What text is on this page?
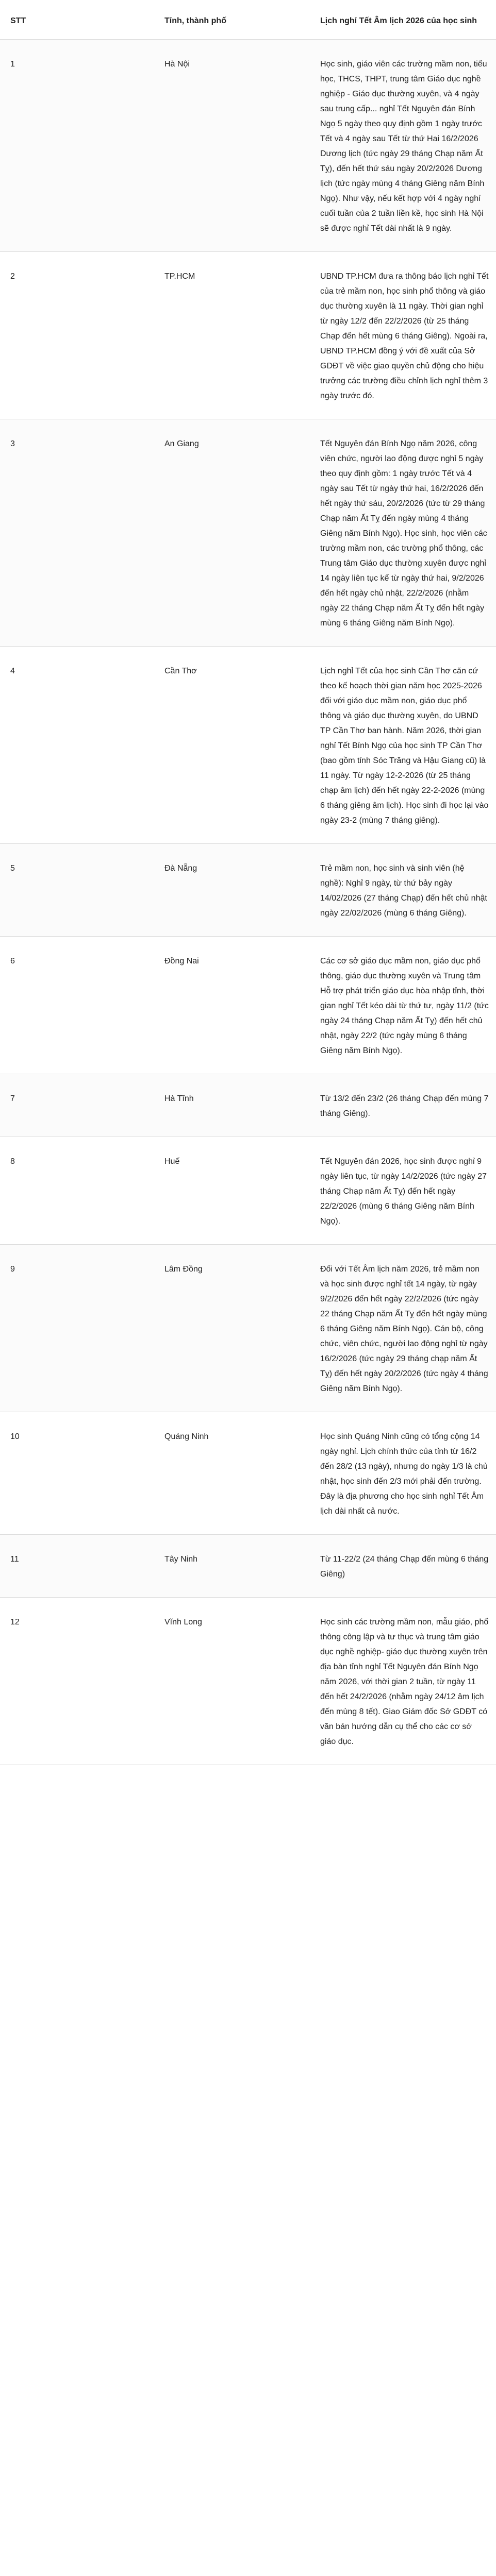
STT	Tỉnh, thành phố	Lịch nghỉ Tết Âm lịch 2026 của học sinh
1	Hà Nội	Học sinh, giáo viên các trường mầm non, tiểu học, THCS, THPT, trung tâm Giáo dục nghề nghiệp - Giáo dục thường xuyên, và 4 ngày sau trung cấp... nghỉ Tết Nguyên đán Bính Ngọ 5 ngày theo quy định gồm 1 ngày trước Tết và 4 ngày sau Tết từ thứ Hai 16/2/2026 Dương lịch (tức ngày 29 tháng Chạp năm Ất Tỵ), đến hết thứ sáu ngày 20/2/2026 Dương lịch (tức ngày mùng 4 tháng Giêng năm Bính Ngọ). Như vậy, nếu kết hợp với 4 ngày nghỉ cuối tuần của 2 tuần liền kề, học sinh Hà Nội sẽ được nghỉ Tết dài nhất là 9 ngày.
2	TP.HCM	UBND TP.HCM đưa ra thông báo lịch nghỉ Tết của trẻ mầm non, học sinh phổ thông và giáo dục thường xuyên là 11 ngày. Thời gian nghỉ từ ngày 12/2 đến 22/2/2026 (từ 25 tháng Chạp đến hết mùng 6 tháng Giêng). Ngoài ra, UBND TP.HCM đồng ý với đề xuất của Sở GDĐT về việc giao quyền chủ động cho hiệu trưởng các trường điều chỉnh lịch nghỉ thêm 3 ngày trước đó.
3	An Giang	Tết Nguyên đán Bính Ngọ năm 2026, công viên chức, người lao động được nghỉ 5 ngày theo quy định gồm: 1 ngày trước Tết và 4 ngày sau Tết từ ngày thứ hai, 16/2/2026 đến hết ngày thứ sáu, 20/2/2026 (tức từ 29 tháng Chạp năm Ất Tỵ đến ngày mùng 4 tháng Giêng năm Bính Ngọ). Học sinh, học viên các trường mầm non, các trường phổ thông, các Trung tâm Giáo dục thường xuyên được nghỉ 14 ngày liên tục kể từ ngày thứ hai, 9/2/2026 đến hết ngày chủ nhật, 22/2/2026 (nhằm ngày 22 tháng Chạp năm Ất Tỵ đến hết ngày mùng 6 tháng Giêng năm Bính Ngọ).
4	Cần Thơ	Lịch nghỉ Tết của học sinh Cần Thơ căn cứ theo kế hoạch thời gian năm học 2025-2026 đối với giáo dục mầm non, giáo dục phổ thông và giáo dục thường xuyên, do UBND TP Cần Thơ ban hành. Năm 2026, thời gian nghỉ Tết Bính Ngọ của học sinh TP Cần Thơ (bao gồm tỉnh Sóc Trăng và Hậu Giang cũ) là 11 ngày. Từ ngày 12-2-2026 (từ 25 tháng chạp âm lịch) đến hết ngày 22-2-2026 (mùng 6 tháng giêng âm lịch). Học sinh đi học lại vào ngày 23-2 (mùng 7 tháng giêng).
5	Đà Nẵng	Trẻ mầm non, học sinh và sinh viên (hệ nghề): Nghỉ 9 ngày, từ thứ bảy ngày 14/02/2026 (27 tháng Chạp) đến hết chủ nhật ngày 22/02/2026 (mùng 6 tháng Giêng).
6	Đồng Nai	Các cơ sở giáo dục mầm non, giáo dục phổ thông, giáo dục thường xuyên và Trung tâm Hỗ trợ phát triển giáo dục hòa nhập tỉnh, thời gian nghỉ Tết kéo dài từ thứ tư, ngày 11/2 (tức ngày 24 tháng Chạp năm Ất Tỵ) đến hết chủ nhật, ngày 22/2 (tức ngày mùng 6 tháng Giêng năm Bính Ngọ).
7	Hà Tĩnh	Từ 13/2 đến 23/2 (26 tháng Chạp đến mùng 7 tháng Giêng).
8	Huế	Tết Nguyên đán 2026, học sinh được nghỉ 9 ngày liên tục, từ ngày 14/2/2026 (tức ngày 27 tháng Chạp năm Ất Tỵ) đến hết ngày 22/2/2026 (mùng 6 tháng Giêng năm Bính Ngọ).
9	Lâm Đồng	Đối với Tết Âm lịch năm 2026, trẻ mầm non và học sinh được nghỉ tết 14 ngày, từ ngày 9/2/2026 đến hết ngày 22/2/2026 (tức ngày 22 tháng Chạp năm Ất Tỵ đến hết ngày mùng 6 tháng Giêng năm Bính Ngọ). Cán bộ, công chức, viên chức, người lao động nghỉ từ ngày 16/2/2026 (tức ngày 29 tháng chạp năm Ất Tỵ) đến hết ngày 20/2/2026 (tức ngày 4 tháng Giêng năm Bính Ngọ).
10	Quảng Ninh	Học sinh Quảng Ninh cũng có tổng cộng 14 ngày nghỉ. Lịch chính thức của tỉnh từ 16/2 đến 28/2 (13 ngày), nhưng do ngày 1/3 là chủ nhật, học sinh đến 2/3 mới phải đến trường. Đây là địa phương cho học sinh nghỉ Tết Âm lịch dài nhất cả nước.
11	Tây Ninh	Từ 11-22/2 (24 tháng Chạp đến mùng 6 tháng Giêng)
12	Vĩnh Long	Học sinh các trường mầm non, mẫu giáo, phổ thông công lập và tư thục và trung tâm giáo dục nghề nghiệp- giáo dục thường xuyên trên địa bàn tỉnh nghỉ Tết Nguyên đán Bính Ngọ năm 2026, với thời gian 2 tuần, từ ngày 11 đến hết 24/2/2026 (nhằm ngày 24/12 âm lịch đến mùng 8 tết). Giao Giám đốc Sở GDĐT có văn bản hướng dẫn cụ thể cho các cơ sở giáo dục.
